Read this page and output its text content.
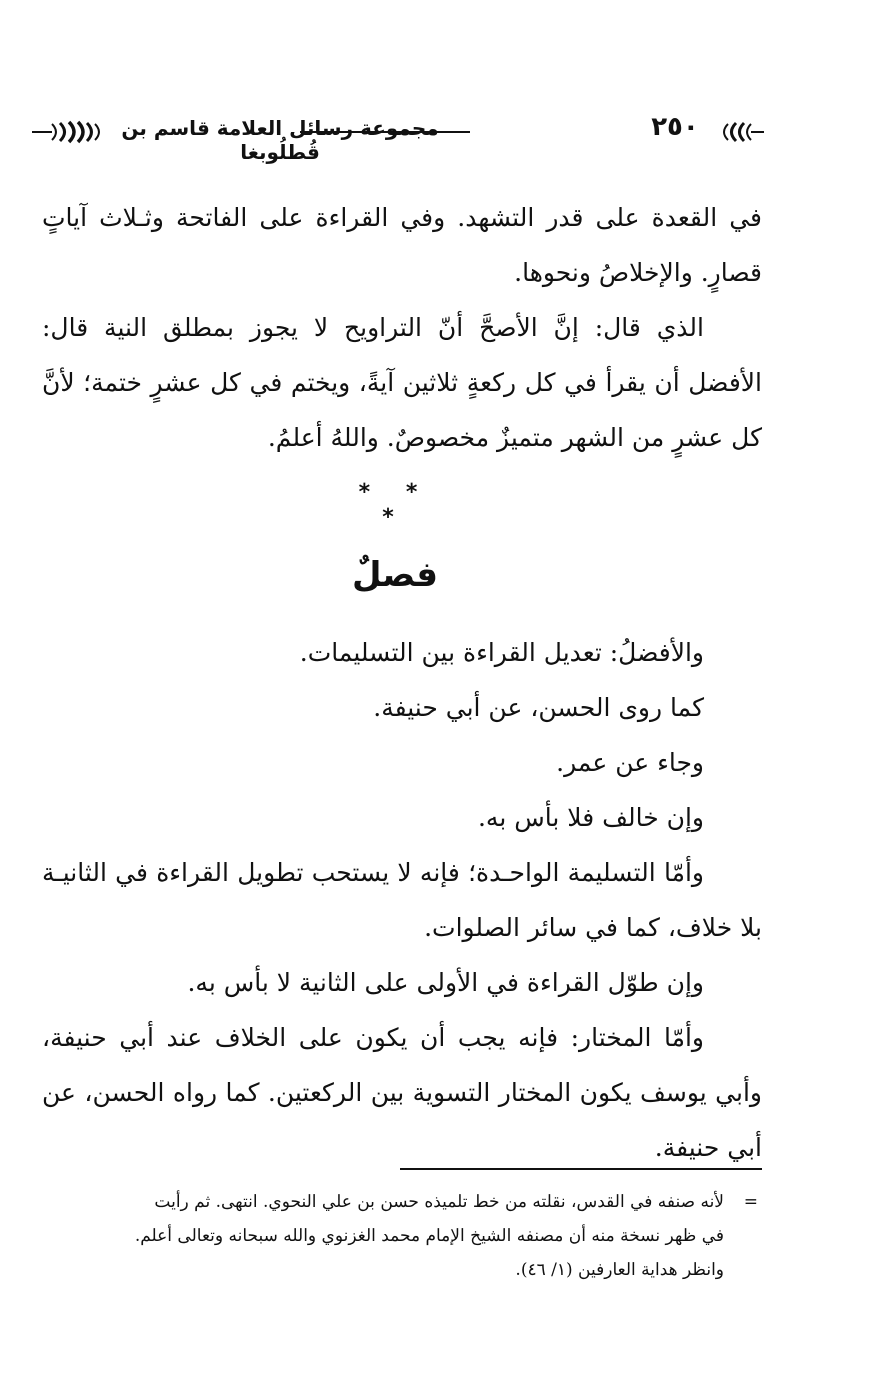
مجموعة رسائل العلامة قاسم بن قُطلُوبغا
٢٥٠

في القعدة على قدر التشهد. وفي القراءة على الفاتحة وثـلاث آياتٍ قصارٍ. والإخلاصُ ونحوها.

الذي قال: إنَّ الأصحَّ أنّ التراويح لا يجوز بمطلق النية قال: الأفضل أن يقرأ في كل ركعةٍ ثلاثين آيةً، ويختم في كل عشرٍ ختمة؛ لأنَّ كل عشرٍ من الشهر متميزٌ مخصوصٌ. واللهُ أعلمُ.

* * *
فصلٌ

والأفضلُ: تعديل القراءة بين التسليمات.

كما روى الحسن، عن أبي حنيفة.

وجاء عن عمر.

وإن خالف فلا بأس به.

وأمّا التسليمة الواحـدة؛ فإنه لا يستحب تطويل القراءة في الثانيـة بلا خلاف، كما في سائر الصلوات.

وإن طوّل القراءة في الأولى على الثانية لا بأس به.

وأمّا المختار: فإنه يجب أن يكون على الخلاف عند أبي حنيفة، وأبي يوسف يكون المختار التسوية بين الركعتين. كما رواه الحسن، عن أبي حنيفة.

=لأنه صنفه في القدس، نقلته من خط تلميذه حسن بن علي النحوي. انتهى. ثم رأيت

في ظهر نسخة منه أن مصنفه الشيخ الإمام محمد الغزنوي والله سبحانه وتعالى أعلم.

وانظر هداية العارفين (١/ ٤٦).
